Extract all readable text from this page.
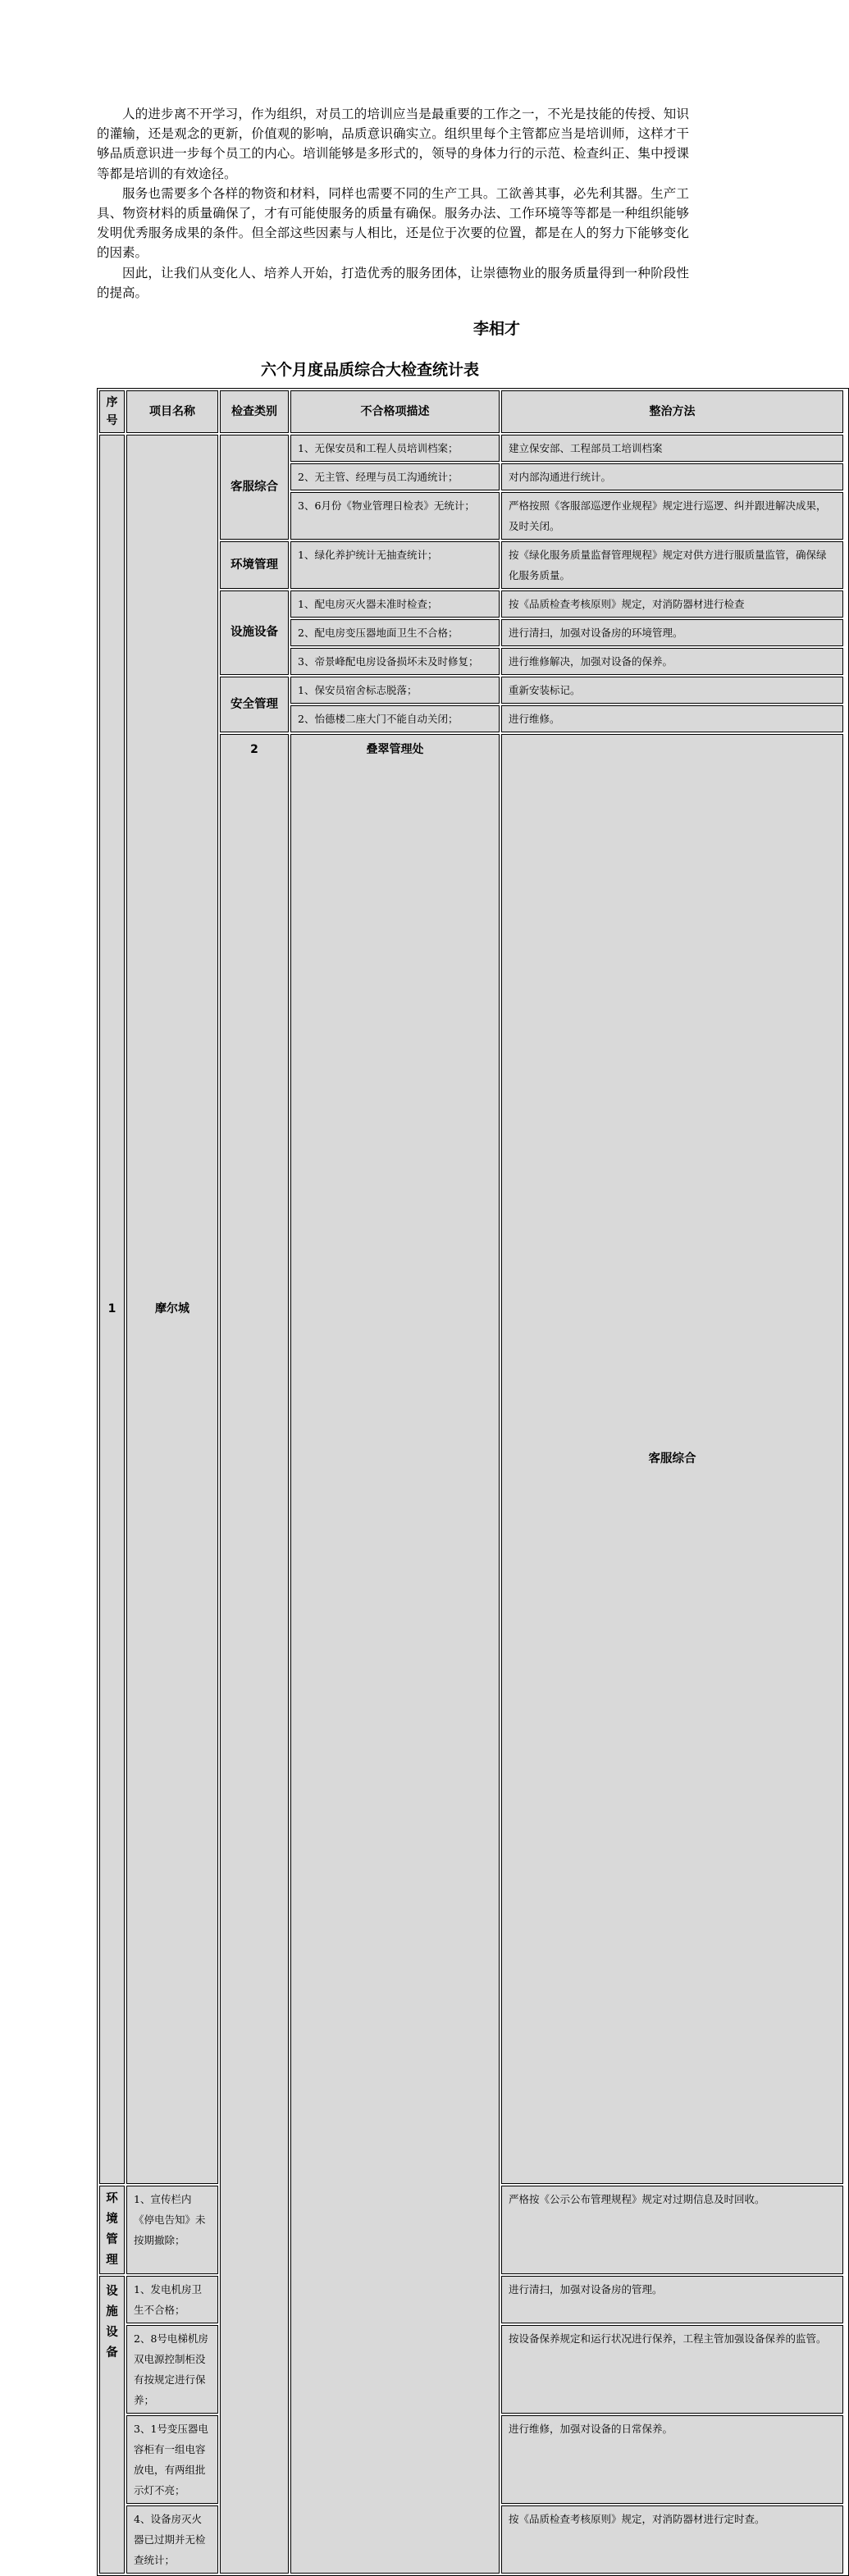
人的进步离不开学习，作为组织，对员工的培训应当是最重要的工作之一，不光是技能的传授、知识的灌输，还是观念的更新，价值观的影响，品质意识确实立。组织里每个主管都应当是培训师，这样才干够品质意识进一步每个员工的内心。培训能够是多形式的，领导的身体力行的示范、检查纠正、集中授课等都是培训的有效途径。

服务也需要多个各样的物资和材料，同样也需要不同的生产工具。工欲善其事，必先利其器。生产工具、物资材料的质量确保了，才有可能使服务的质量有确保。服务办法、工作环境等等都是一种组织能够发明优秀服务成果的条件。但全部这些因素与人相比，还是位于次要的位置，都是在人的努力下能够变化的因素。

因此，让我们从变化人、培养人开始，打造优秀的服务团体，让崇德物业的服务质量得到一种阶段性的提高。

李相才
六个月度品质综合大检查统计表
序号	项目名称	检查类别	不合格项描述	整治方法		
1	摩尔城	客服综合	1、无保安员和工程人员培训档案；	建立保安部、工程部员工培训档案		
			2、无主管、经理与员工沟通统计；	对内部沟通进行统计。		
			3、6月份《物业管理日检表》无统计；	严格按照《客服部巡逻作业规程》规定进行巡逻、纠并跟进解决成果，及时关闭。		
		环境管理	1、绿化养护统计无抽查统计；	按《绿化服务质量监督管理规程》规定对供方进行服质量监管，确保绿化服务质量。		
		设施设备	1、配电房灭火器未准时检查；	按《品质检查考核原则》规定，对消防器材进行检查		
			2、配电房变压器地面卫生不合格；	进行清扫，加强对设备房的环境管理。		
			3、帝景峰配电房设备损坏未及时修复；	进行维修解决，加强对设备的保养。		
		安全管理	1、保安员宿舍标志脱落；	重新安装标记。		
			2、怡德楼二座大门不能自动关闭；	进行维修。		
		2	叠翠管理处	客服综合		

环境管理	1、宣传栏内《停电告知》未按期撤除；			严格按《公示公布管理规程》规定对过期信息及时回收。		
设施设备	1、发电机房卫生不合格；			进行清扫，加强对设备房的管理。		
	2、8号电梯机房双电源控制柜没有按规定进行保养；			按设备保养规定和运行状况进行保养，工程主管加强设备保养的监管。		
	3、1号变压器电容柜有一组电容放电，有两组批示灯不亮；			进行维修，加强对设备的日常保养。		
	4、设备房灭火器已过期并无检查统计；			按《品质检查考核原则》规定，对消防器材进行定时查。		
